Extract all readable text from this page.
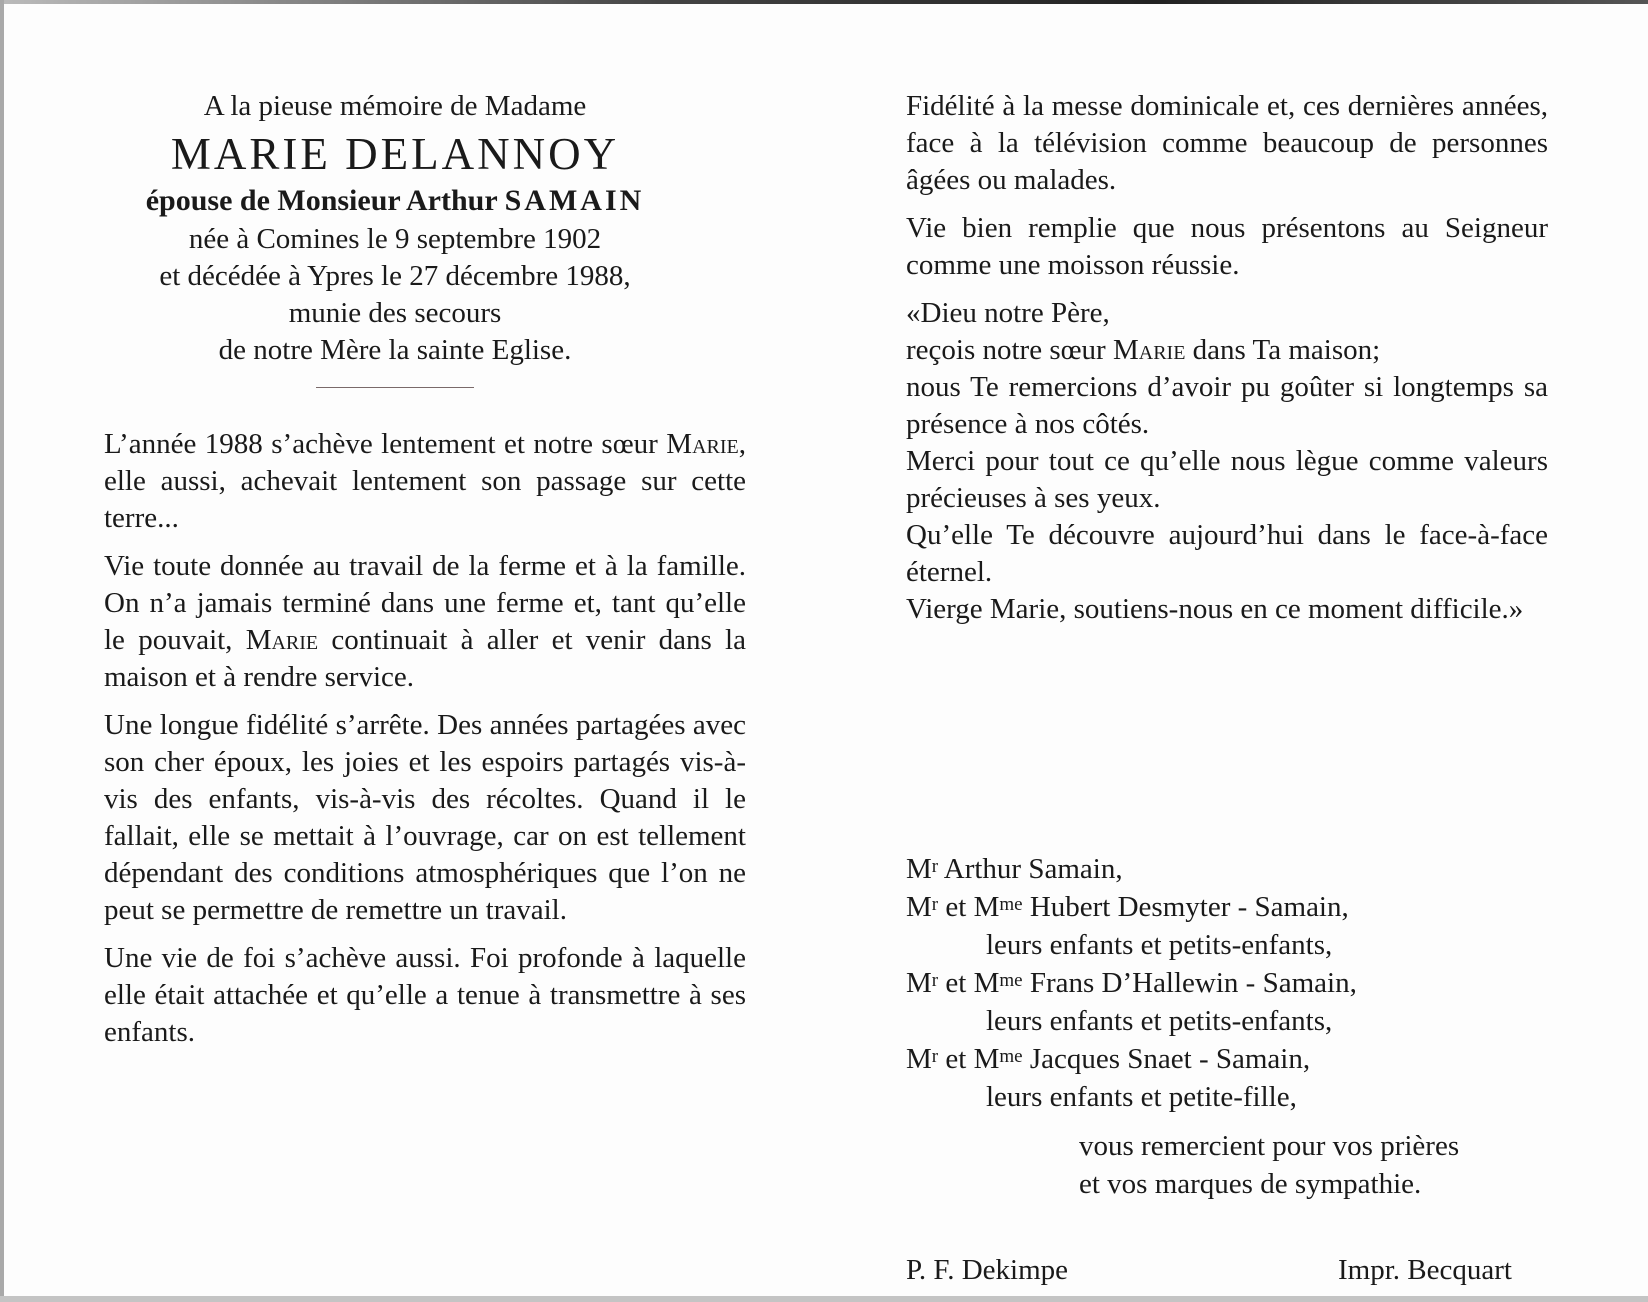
A la pieuse mémoire de Madame
MARIE DELANNOY
épouse de Monsieur Arthur SAMAIN
née à Comines le 9 septembre 1902
et décédée à Ypres le 27 décembre 1988,
munie des secours
de notre Mère la sainte Eglise.

L’année 1988 s’achève lentement et notre sœur Marie, elle aussi, achevait lentement son passage sur cette terre...

Vie toute donnée au travail de la ferme et à la famille. On n’a jamais terminé dans une ferme et, tant qu’elle le pouvait, Marie continuait à aller et venir dans la maison et à rendre service.

Une longue fidélité s’arrête. Des années partagées avec son cher époux, les joies et les espoirs partagés vis-à-vis des enfants, vis-à-vis des récoltes. Quand il le fallait, elle se mettait à l’ouvrage, car on est tellement dépendant des conditions atmosphériques que l’on ne peut se permettre de remettre un travail.

Une vie de foi s’achève aussi. Foi profonde à laquelle elle était attachée et qu’elle a tenue à transmettre à ses enfants.

Fidélité à la messe dominicale et, ces dernières années, face à la télévision comme beaucoup de personnes âgées ou malades.

Vie bien remplie que nous présentons au Seigneur comme une moisson réussie.

«Dieu notre Père,

reçois notre sœur Marie dans Ta maison;

nous Te remercions d’avoir pu goûter si longtemps sa présence à nos côtés.

Merci pour tout ce qu’elle nous lègue comme valeurs précieuses à ses yeux.

Qu’elle Te découvre aujourd’hui dans le face-à-face éternel.

Vierge Marie, soutiens-nous en ce moment difficile.»

$M^r$ Arthur Samain,
$M^r$ et $M^{me}$ Hubert Desmyter - Samain,
leurs enfants et petits-enfants,
$M^r$ et $M^{me}$ Frans D’Hallewin - Samain,
leurs enfants et petits-enfants,
$M^r$ et $M^{me}$ Jacques Snaet - Samain,
leurs enfants et petite-fille,
vous remercient pour vos prières
et vos marques de sympathie.
P. F. Dekimpe	Impr. Becquart
